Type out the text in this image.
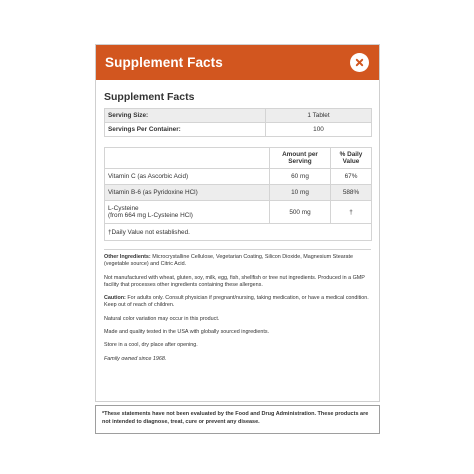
Supplement Facts
Supplement Facts
Serving Size:	1 Tablet
Servings Per Container:	100
	Amount per Serving	% Daily Value
Vitamin C (as Ascorbic Acid)	60 mg	67%
Vitamin B-6 (as Pyridoxine HCl)	10 mg	588%

L-Cysteine
(from 664 mg L-Cysteine HCl)	500 mg	†
†Daily Value not established.		

Other Ingredients: Microcrystalline Cellulose, Vegetarian Coating, Silicon Dioxide, Magnesium Stearate (vegetable source) and Citric Acid.

Not manufactured with wheat, gluten, soy, milk, egg, fish, shellfish or tree nut ingredients. Produced in a GMP facility that processes other ingredients containing these allergens.

Caution: For adults only. Consult physician if pregnant/nursing, taking medication, or have a medical condition. Keep out of reach of children.

Natural color variation may occur in this product.

Made and quality tested in the USA with globally sourced ingredients.

Store in a cool, dry place after opening.

Family owned since 1968.

*These statements have not been evaluated by the Food and Drug Administration. These products are not intended to diagnose, treat, cure or prevent any disease.
